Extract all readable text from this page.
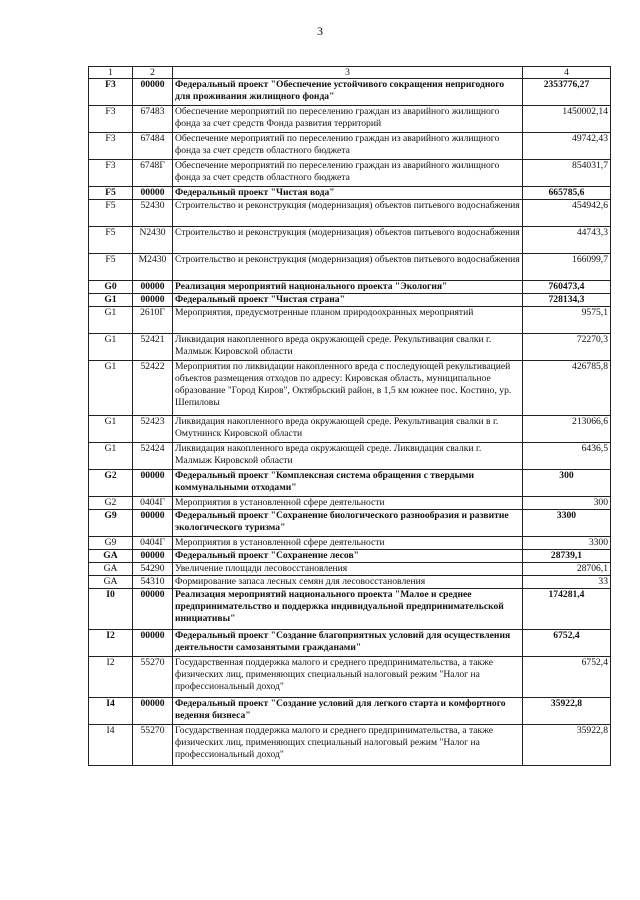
3
1	2	3	4
F3	00000	Федеральный проект "Обеспечение устойчивого сокращения непригодного для проживания жилищного фонда"	2353776,27
F3	67483	Обеспечение мероприятий по переселению граждан из аварийного жилищного фонда за счет средств Фонда развития территорий	1450002,14
F3	67484	Обеспечение мероприятий по переселению граждан из аварийного жилищного фонда за счет средств областного бюджета	49742,43
F3	6748Г	Обеспечение мероприятий по переселению граждан из аварийного жилищного фонда за счет средств областного бюджета	854031,7
F5	00000	Федеральный проект "Чистая вода"	665785,6
F5	52430	Строительство и реконструкция (модернизация) объектов питьевого водоснабжения	454942,6
F5	N2430	Строительство и реконструкция (модернизация) объектов питьевого водоснабжения	44743,3
F5	M2430	Строительство и реконструкция (модернизация) объектов питьевого водоснабжения	166099,7
G0	00000	Реализация мероприятий национального проекта "Экология"	760473,4
G1	00000	Федеральный проект "Чистая страна"	728134,3
G1	2610Г	Мероприятия, предусмотренные планом природоохранных мероприятий	9575,1
G1	52421	Ликвидация накопленного вреда окружающей среде. Рекультивация свалки г. Малмыж Кировской области	72270,3
G1	52422	Мероприятия по ликвидации накопленного вреда с последующей рекультивацией объектов размещения отходов по адресу: Кировская область, муниципальное образование "Город Киров", Октябрьский район, в 1,5 км южнее пос. Костино, ур. Шепиловы	426785,8
G1	52423	Ликвидация накопленного вреда окружающей среде. Рекультивация свалки в г. Омутнинск Кировской области	213066,6
G1	52424	Ликвидация накопленного вреда окружающей среде. Ликвидация свалки г. Малмыж Кировской области	6436,5
G2	00000	Федеральный проект "Комплексная система обращения с твердыми коммунальными отходами"	300
G2	0404Г	Мероприятия в установленной сфере деятельности	300
G9	00000	Федеральный проект "Сохранение биологического разнообразия и развитие экологического туризма"	3300
G9	0404Г	Мероприятия в установленной сфере деятельности	3300
GA	00000	Федеральный проект "Сохранение лесов"	28739,1
GA	54290	Увеличение площади лесовосстановления	28706,1
GA	54310	Формирование запаса лесных семян для лесовосстановления	33
I0	00000	Реализация мероприятий национального проекта "Малое и среднее предпринимательство и поддержка индивидуальной предпринимательской инициативы"	174281,4
I2	00000	Федеральный проект "Создание благоприятных условий для осуществления деятельности самозанятыми гражданами"	6752,4
I2	55270	Государственная поддержка малого и среднего предпринимательства, а также физических лиц, применяющих специальный налоговый режим "Налог на профессиональный доход"	6752,4
I4	00000	Федеральный проект "Создание условий для легкого старта и комфортного ведения бизнеса"	35922,8
I4	55270	Государственная поддержка малого и среднего предпринимательства, а также физических лиц, применяющих специальный налоговый режим "Налог на профессиональный доход"	35922,8
